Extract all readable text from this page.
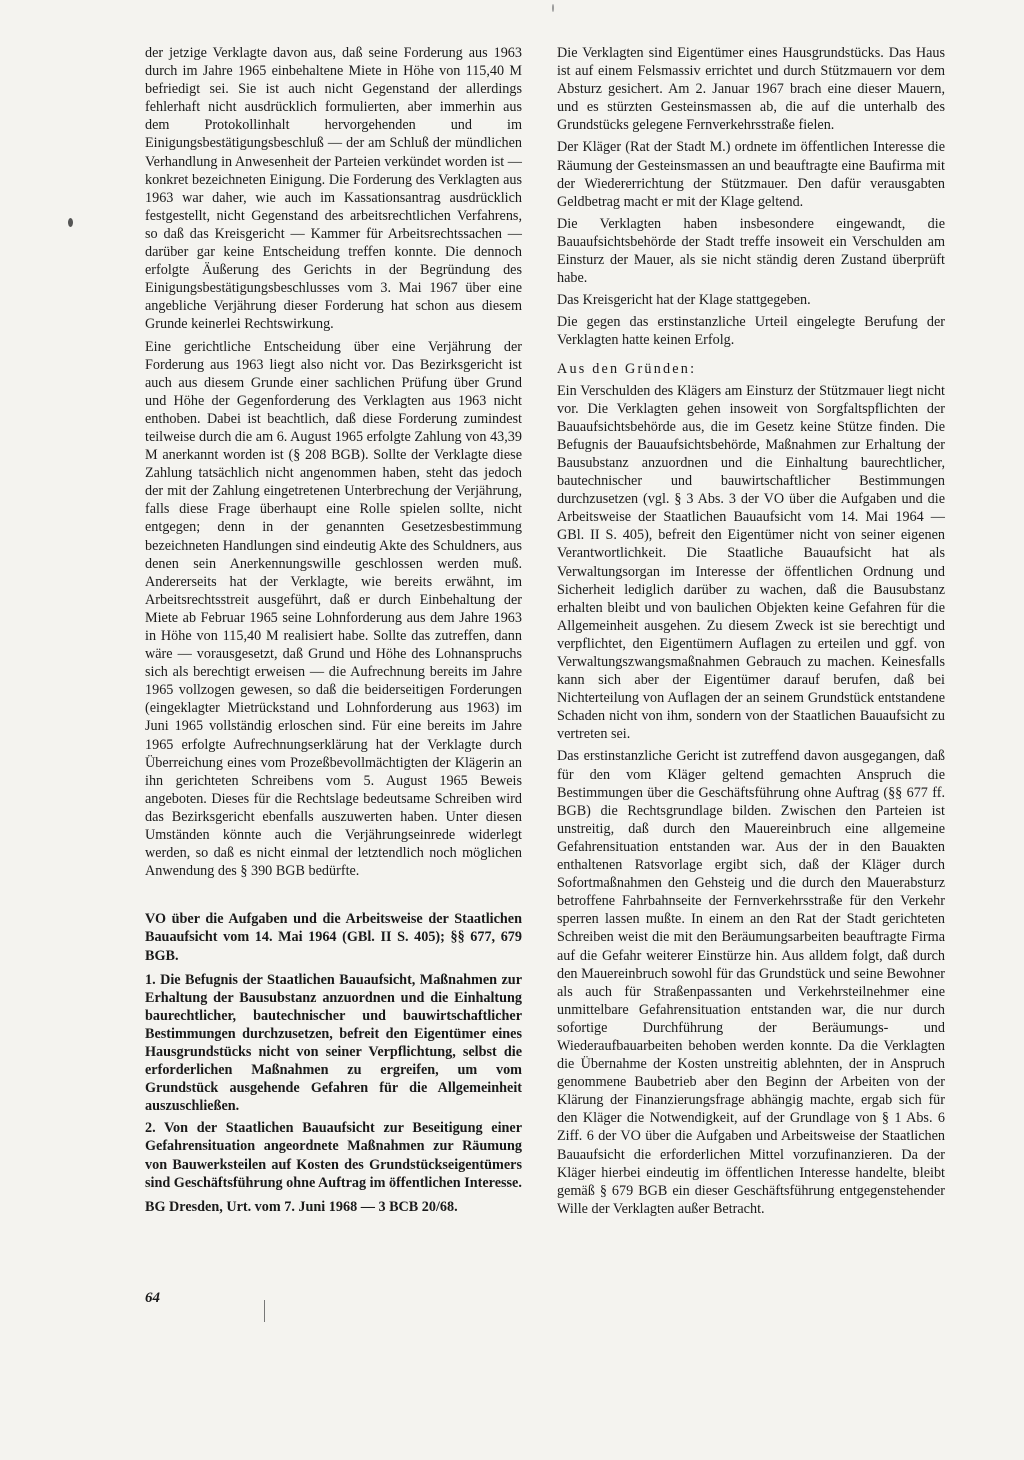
der jetzige Verklagte davon aus, daß seine Forderung aus 1963 durch im Jahre 1965 einbehaltene Miete in Höhe von 115,40 M befriedigt sei. Sie ist auch nicht Gegenstand der allerdings fehlerhaft nicht ausdrücklich formulierten, aber immerhin aus dem Protokollinhalt hervorgehenden und im Einigungsbestätigungsbeschluß — der am Schluß der mündlichen Verhandlung in Anwesenheit der Parteien verkündet worden ist — konkret bezeichneten Einigung. Die Forderung des Verklagten aus 1963 war daher, wie auch im Kassationsantrag ausdrücklich festgestellt, nicht Gegenstand des arbeitsrechtlichen Verfahrens, so daß das Kreisgericht — Kammer für Arbeitsrechtssachen — darüber gar keine Entscheidung treffen konnte. Die dennoch erfolgte Äußerung des Gerichts in der Begründung des Einigungsbestätigungsbeschlusses vom 3. Mai 1967 über eine angebliche Verjährung dieser Forderung hat schon aus diesem Grunde keinerlei Rechtswirkung.

Eine gerichtliche Entscheidung über eine Verjährung der Forderung aus 1963 liegt also nicht vor. Das Bezirksgericht ist auch aus diesem Grunde einer sachlichen Prüfung über Grund und Höhe der Gegenforderung des Verklagten aus 1963 nicht enthoben. Dabei ist beachtlich, daß diese Forderung zumindest teilweise durch die am 6. August 1965 erfolgte Zahlung von 43,39 M anerkannt worden ist (§ 208 BGB). Sollte der Verklagte diese Zahlung tatsächlich nicht angenommen haben, steht das jedoch der mit der Zahlung eingetretenen Unterbrechung der Verjährung, falls diese Frage überhaupt eine Rolle spielen sollte, nicht entgegen; denn in der genannten Gesetzesbestimmung bezeichneten Handlungen sind eindeutig Akte des Schuldners, aus denen sein Anerkennungswille geschlossen werden muß. Andererseits hat der Verklagte, wie bereits erwähnt, im Arbeitsrechtsstreit ausgeführt, daß er durch Einbehaltung der Miete ab Februar 1965 seine Lohnforderung aus dem Jahre 1963 in Höhe von 115,40 M realisiert habe. Sollte das zutreffen, dann wäre — vorausgesetzt, daß Grund und Höhe des Lohnanspruchs sich als berechtigt erweisen — die Aufrechnung bereits im Jahre 1965 vollzogen gewesen, so daß die beiderseitigen Forderungen (eingeklagter Mietrückstand und Lohnforderung aus 1963) im Juni 1965 vollständig erloschen sind. Für eine bereits im Jahre 1965 erfolgte Aufrechnungserklärung hat der Verklagte durch Überreichung eines vom Prozeßbevollmächtigten der Klägerin an ihn gerichteten Schreibens vom 5. August 1965 Beweis angeboten. Dieses für die Rechtslage bedeutsame Schreiben wird das Bezirksgericht ebenfalls auszuwerten haben. Unter diesen Umständen könnte auch die Verjährungseinrede widerlegt werden, so daß es nicht einmal der letztendlich noch möglichen Anwendung des § 390 BGB bedürfte.

VO über die Aufgaben und die Arbeitsweise der Staatlichen Bauaufsicht vom 14. Mai 1964 (GBl. II S. 405); §§ 677, 679 BGB.

1. Die Befugnis der Staatlichen Bauaufsicht, Maßnahmen zur Erhaltung der Bausubstanz anzuordnen und die Einhaltung baurechtlicher, bautechnischer und bauwirtschaftlicher Bestimmungen durchzusetzen, befreit den Eigentümer eines Hausgrundstücks nicht von seiner Verpflichtung, selbst die erforderlichen Maßnahmen zu ergreifen, um vom Grundstück ausgehende Gefahren für die Allgemeinheit auszuschließen.

2. Von der Staatlichen Bauaufsicht zur Beseitigung einer Gefahrensituation angeordnete Maßnahmen zur Räumung von Bauwerksteilen auf Kosten des Grundstückseigentümers sind Geschäftsführung ohne Auftrag im öffentlichen Interesse.

BG Dresden, Urt. vom 7. Juni 1968 — 3 BCB 20/68.

Die Verklagten sind Eigentümer eines Hausgrundstücks. Das Haus ist auf einem Felsmassiv errichtet und durch Stützmauern vor dem Absturz gesichert. Am 2. Januar 1967 brach eine dieser Mauern, und es stürzten Gesteinsmassen ab, die auf die unterhalb des Grundstücks gelegene Fernverkehrsstraße fielen.

Der Kläger (Rat der Stadt M.) ordnete im öffentlichen Interesse die Räumung der Gesteinsmassen an und beauftragte eine Baufirma mit der Wiedererrichtung der Stützmauer. Den dafür verausgabten Geldbetrag macht er mit der Klage geltend.

Die Verklagten haben insbesondere eingewandt, die Bauaufsichtsbehörde der Stadt treffe insoweit ein Verschulden am Einsturz der Mauer, als sie nicht ständig deren Zustand überprüft habe.

Das Kreisgericht hat der Klage stattgegeben.

Die gegen das erstinstanzliche Urteil eingelegte Berufung der Verklagten hatte keinen Erfolg.

Aus den Gründen:

Ein Verschulden des Klägers am Einsturz der Stützmauer liegt nicht vor. Die Verklagten gehen insoweit von Sorgfaltspflichten der Bauaufsichtsbehörde aus, die im Gesetz keine Stütze finden. Die Befugnis der Bauaufsichtsbehörde, Maßnahmen zur Erhaltung der Bausubstanz anzuordnen und die Einhaltung baurechtlicher, bautechnischer und bauwirtschaftlicher Bestimmungen durchzusetzen (vgl. § 3 Abs. 3 der VO über die Aufgaben und die Arbeitsweise der Staatlichen Bauaufsicht vom 14. Mai 1964 — GBl. II S. 405), befreit den Eigentümer nicht von seiner eigenen Verantwortlichkeit. Die Staatliche Bauaufsicht hat als Verwaltungsorgan im Interesse der öffentlichen Ordnung und Sicherheit lediglich darüber zu wachen, daß die Bausubstanz erhalten bleibt und von baulichen Objekten keine Gefahren für die Allgemeinheit ausgehen. Zu diesem Zweck ist sie berechtigt und verpflichtet, den Eigentümern Auflagen zu erteilen und ggf. von Verwaltungszwangsmaßnahmen Gebrauch zu machen. Keinesfalls kann sich aber der Eigentümer darauf berufen, daß bei Nichterteilung von Auflagen der an seinem Grundstück entstandene Schaden nicht von ihm, sondern von der Staatlichen Bauaufsicht zu vertreten sei.

Das erstinstanzliche Gericht ist zutreffend davon ausgegangen, daß für den vom Kläger geltend gemachten Anspruch die Bestimmungen über die Geschäftsführung ohne Auftrag (§§ 677 ff. BGB) die Rechtsgrundlage bilden. Zwischen den Parteien ist unstreitig, daß durch den Mauereinbruch eine allgemeine Gefahrensituation entstanden war. Aus der in den Bauakten enthaltenen Ratsvorlage ergibt sich, daß der Kläger durch Sofortmaßnahmen den Gehsteig und die durch den Mauerabsturz betroffene Fahrbahnseite der Fernverkehrsstraße für den Verkehr sperren lassen mußte. In einem an den Rat der Stadt gerichteten Schreiben weist die mit den Beräumungsarbeiten beauftragte Firma auf die Gefahr weiterer Einstürze hin. Aus alldem folgt, daß durch den Mauereinbruch sowohl für das Grundstück und seine Bewohner als auch für Straßenpassanten und Verkehrsteilnehmer eine unmittelbare Gefahrensituation entstanden war, die nur durch sofortige Durchführung der Beräumungs- und Wiederaufbauarbeiten behoben werden konnte. Da die Verklagten die Übernahme der Kosten unstreitig ablehnten, der in Anspruch genommene Baubetrieb aber den Beginn der Arbeiten von der Klärung der Finanzierungsfrage abhängig machte, ergab sich für den Kläger die Notwendigkeit, auf der Grundlage von § 1 Abs. 6 Ziff. 6 der VO über die Aufgaben und Arbeitsweise der Staatlichen Bauaufsicht die erforderlichen Mittel vorzufinanzieren. Da der Kläger hierbei eindeutig im öffentlichen Interesse handelte, bleibt gemäß § 679 BGB ein dieser Geschäftsführung entgegenstehender Wille der Verklagten außer Betracht.

64
